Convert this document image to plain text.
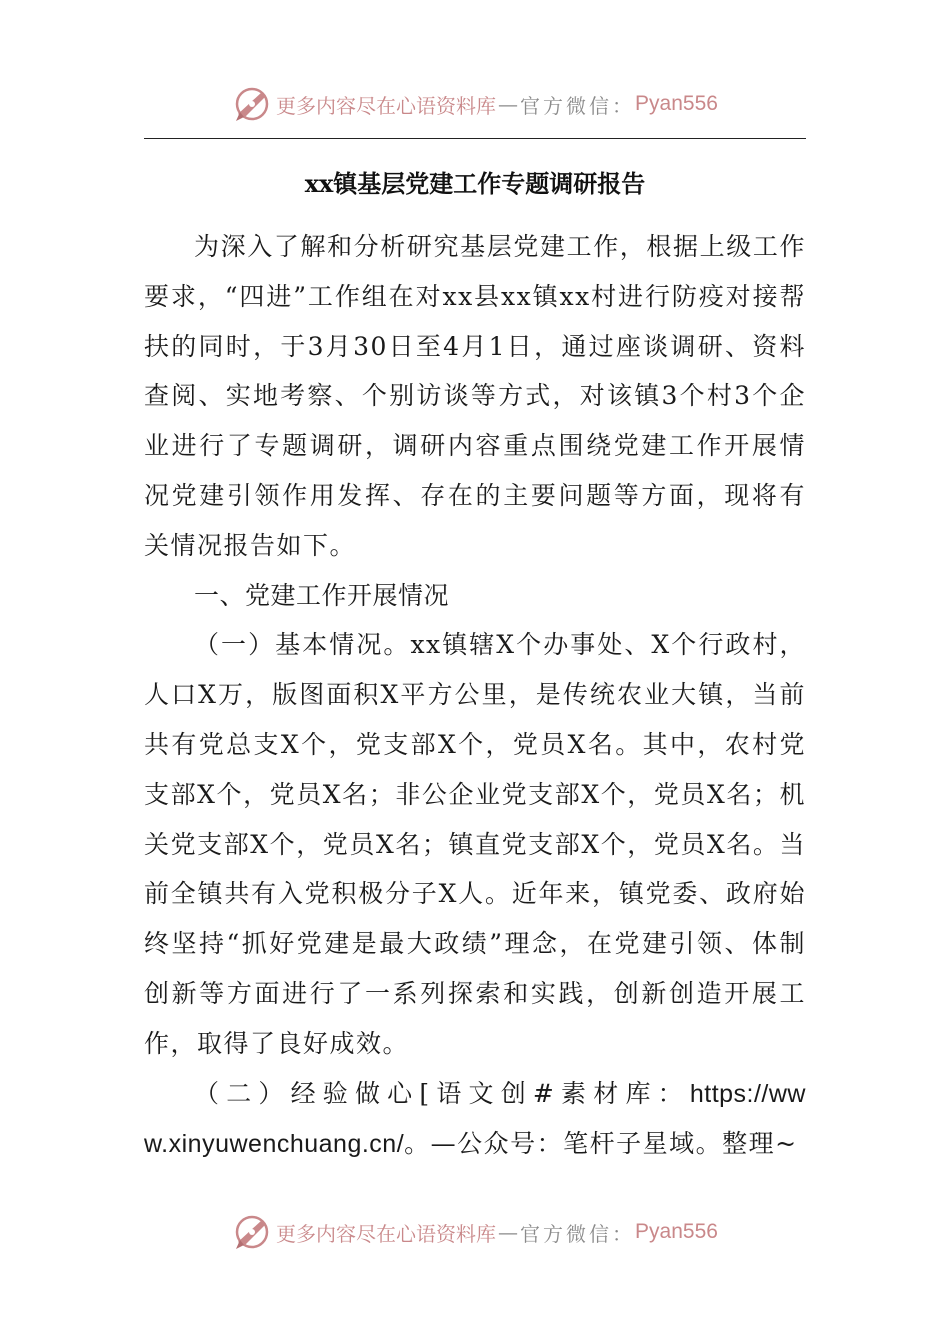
更多内容尽在心语资料库 — 官方微信： Pyan556
xx镇基层党建工作专题调研报告

为深入了解和分析研究基层党建工作，根据上级工作要求，“四进”工作组在对xx县xx镇xx村进行防疫对接帮扶的同时，于3月30日至4月1日，通过座谈调研、资料查阅、实地考察、个别访谈等方式，对该镇3个村3个企业进行了专题调研，调研内容重点围绕党建工作开展情况党建引领作用发挥、存在的主要问题等方面，现将有关情况报告如下。

一、党建工作开展情况

（一）基本情况。xx镇辖X个办事处、X个行政村，人口X万，版图面积X平方公里，是传统农业大镇，当前共有党总支X个，党支部X个，党员X名。其中，农村党支部X个，党员X名；非公企业党支部X个，党员X名；机关党支部X个，党员X名；镇直党支部X个，党员X名。当前全镇共有入党积极分子X人。近年来，镇党委、政府始终坚持“抓好党建是最大政绩”理念，在党建引领、体制创新等方面进行了一系列探索和实践，创新创造开展工作，取得了良好成效。

（二）经验做心[语文创#素材库：https://www.xinyuwenchuang.cn/。—公众号：笔杆子星域。整理~

更多内容尽在心语资料库 — 官方微信： Pyan556
